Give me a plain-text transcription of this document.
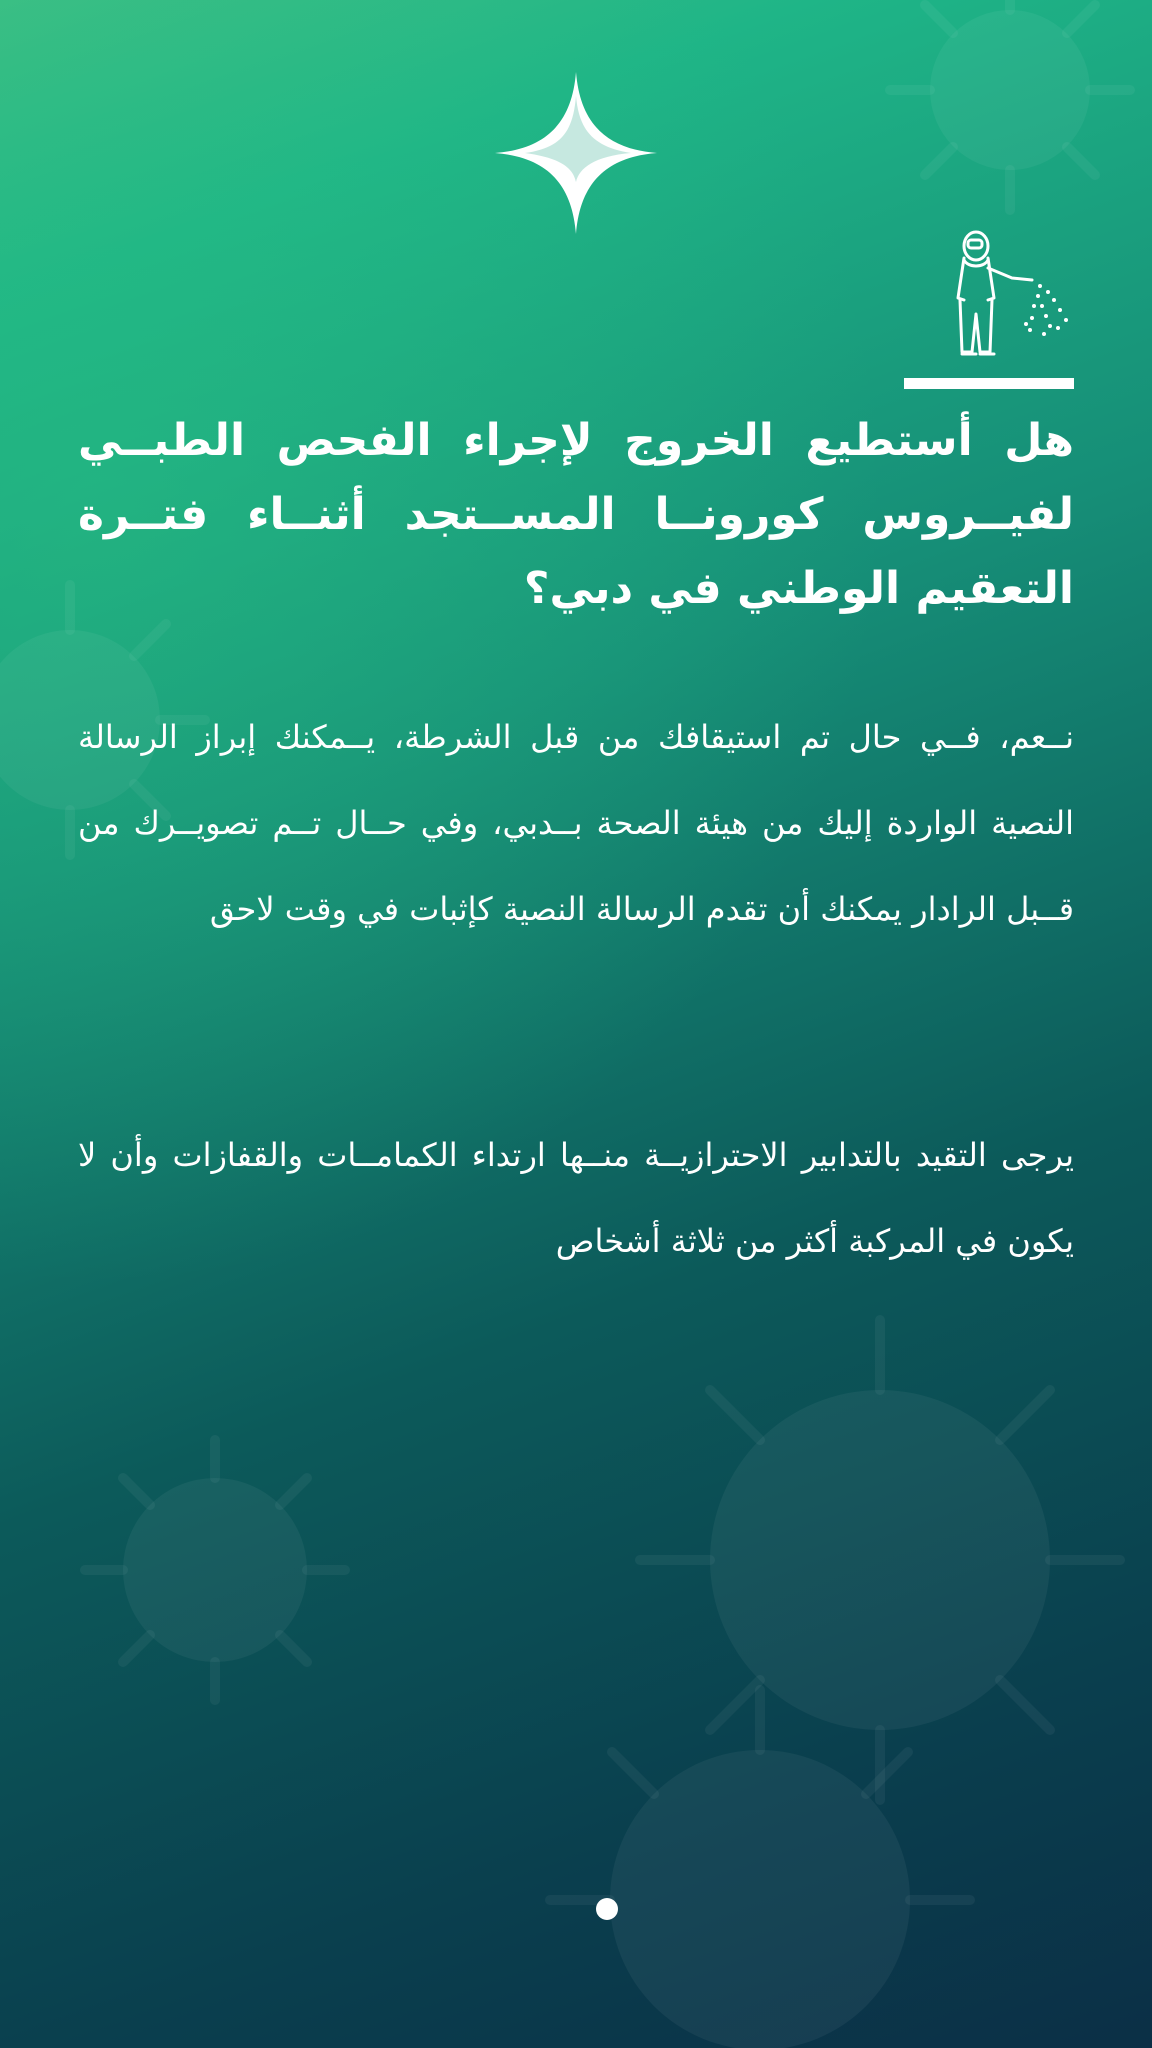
هل أستطيع الخروج لإجراء الفحص الطبــي لفيــروس كورونــا المســتجد أثنــاء فتــرة التعقيم الوطني في دبي؟

نــعم، فــي حال تم استيقافك من قبل الشرطة، يــمكنك إبراز الرسالة النصية الواردة إليك من هيئة الصحة بــدبي، وفي حــال تــم تصويــرك من قــبل الرادار يمكنك أن تقدم الرسالة النصية كإثبات في وقت لاحق

يرجى التقيد بالتدابير الاحترازيــة منــها ارتداء الكمامــات والقفازات وأن لا يكون في المركبة أكثر من ثلاثة أشخاص
